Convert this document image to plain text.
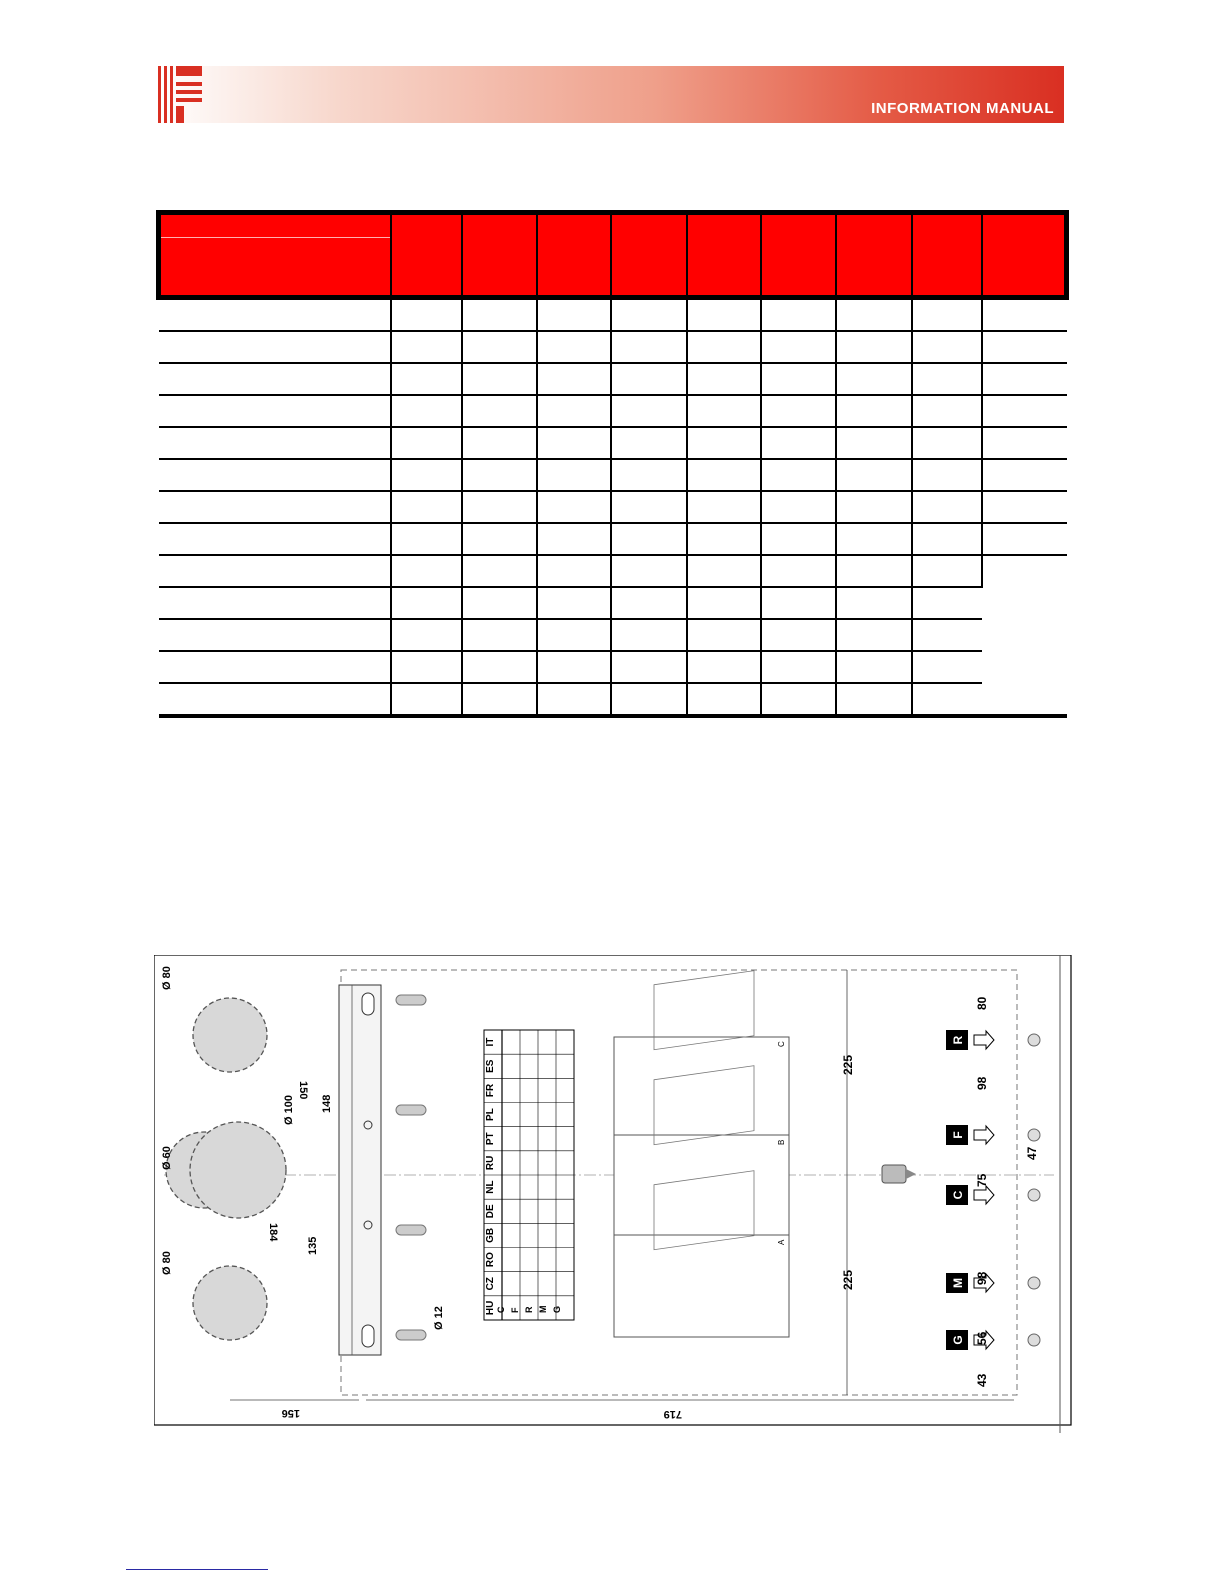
INFORMATION MANUAL

Ø 80
Ø 60
Ø 100
Ø 80
150
148
184
135
156	719
Ø 12
IT
ES
FR
PL
PT
RU
NL
DE
GB
RO
CZ
HU C F R M G
C
B
A
225
225
R
F
C
M
G
80
98
75
47
98
56
43
